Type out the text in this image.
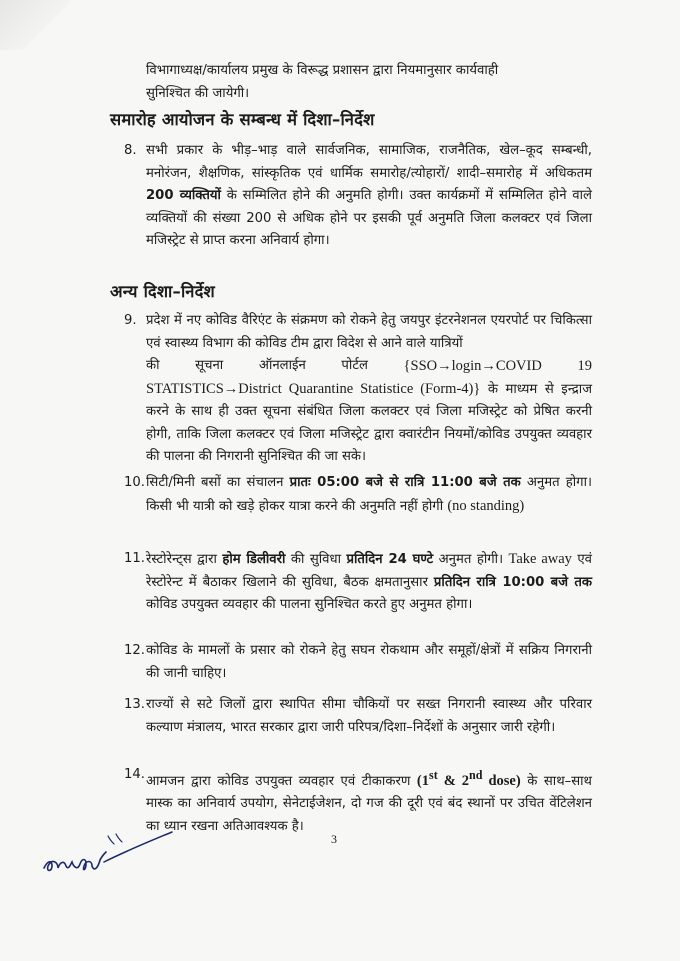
विभागाध्यक्ष/कार्यालय प्रमुख के विरूद्ध प्रशासन द्वारा नियमानुसार कार्यवाही
सुनिश्चित की जायेगी।

समारोह आयोजन के सम्बन्ध में दिशा–निर्देश
8. सभी प्रकार के भीड़–भाड़ वाले सार्वजनिक, सामाजिक, राजनैतिक, खेल–कूद सम्बन्धी, मनोरंजन, शैक्षणिक, सांस्कृतिक एवं धार्मिक समारोह/त्योहारों/ शादी–समारोह में अधिकतम 200 व्यक्तियों के सम्मिलित होने की अनुमति होगी। उक्त कार्यक्रमों में सम्मिलित होने वाले व्यक्तियों की संख्या 200 से अधिक होने पर इसकी पूर्व अनुमति जिला कलक्टर एवं जिला मजिस्ट्रेट से प्राप्त करना अनिवार्य होगा।

अन्य दिशा–निर्देश
9. प्रदेश में नए कोविड वैरिएंट के संक्रमण को रोकने हेतु जयपुर इंटरनेशनल एयरपोर्ट पर चिकित्सा एवं स्वास्थ्य विभाग की कोविड टीम द्वारा विदेश से आने वाले यात्रियों

की	सूचना	ऑनलाईन	पोर्टल {SSO→login→COVID 19

STATISTICS→District Quarantine Statistice (Form-4)} के माध्यम से इन्द्राज करने के साथ ही उक्त सूचना संबंधित जिला कलक्टर एवं जिला मजिस्ट्रेट को प्रेषित करनी होगी, ताकि जिला कलक्टर एवं जिला मजिस्ट्रेट द्वारा क्वारंटीन नियमों/कोविड उपयुक्त व्यवहार की पालना की निगरानी सुनिश्चित की जा सके।

10. सिटी/मिनी बसों का संचालन प्रातः 05:00 बजे से रात्रि 11:00 बजे तक अनुमत होगा। किसी भी यात्री को खड़े होकर यात्रा करने की अनुमति नहीं होगी (no standing)

11. रेस्टोरेन्ट्स द्वारा होम डिलीवरी की सुविधा प्रतिदिन 24 घण्टे अनुमत होगी। Take away एवं रेस्टोरेन्ट में बैठाकर खिलाने की सुविधा, बैठक क्षमतानुसार प्रतिदिन रात्रि 10:00 बजे तक कोविड उपयुक्त व्यवहार की पालना सुनिश्चित करते हुए अनुमत होगा।

12. कोविड के मामलों के प्रसार को रोकने हेतु सघन रोकथाम और समूहों/क्षेत्रों में सक्रिय निगरानी की जानी चाहिए।

13. राज्यों से सटे जिलों द्वारा स्थापित सीमा चौकियों पर सख्त निगरानी स्वास्थ्य और परिवार कल्याण मंत्रालय, भारत सरकार द्वारा जारी परिपत्र/दिशा–निर्देशों के अनुसार जारी रहेगी।

14. आमजन द्वारा कोविड उपयुक्त व्यवहार एवं टीकाकरण (1st & 2nd dose) के साथ–साथ मास्क का अनिवार्य उपयोग, सेनेटाईजेशन, दो गज की दूरी एवं बंद स्थानों पर उचित वेंटिलेशन का ध्यान रखना अतिआवश्यक है।

3
